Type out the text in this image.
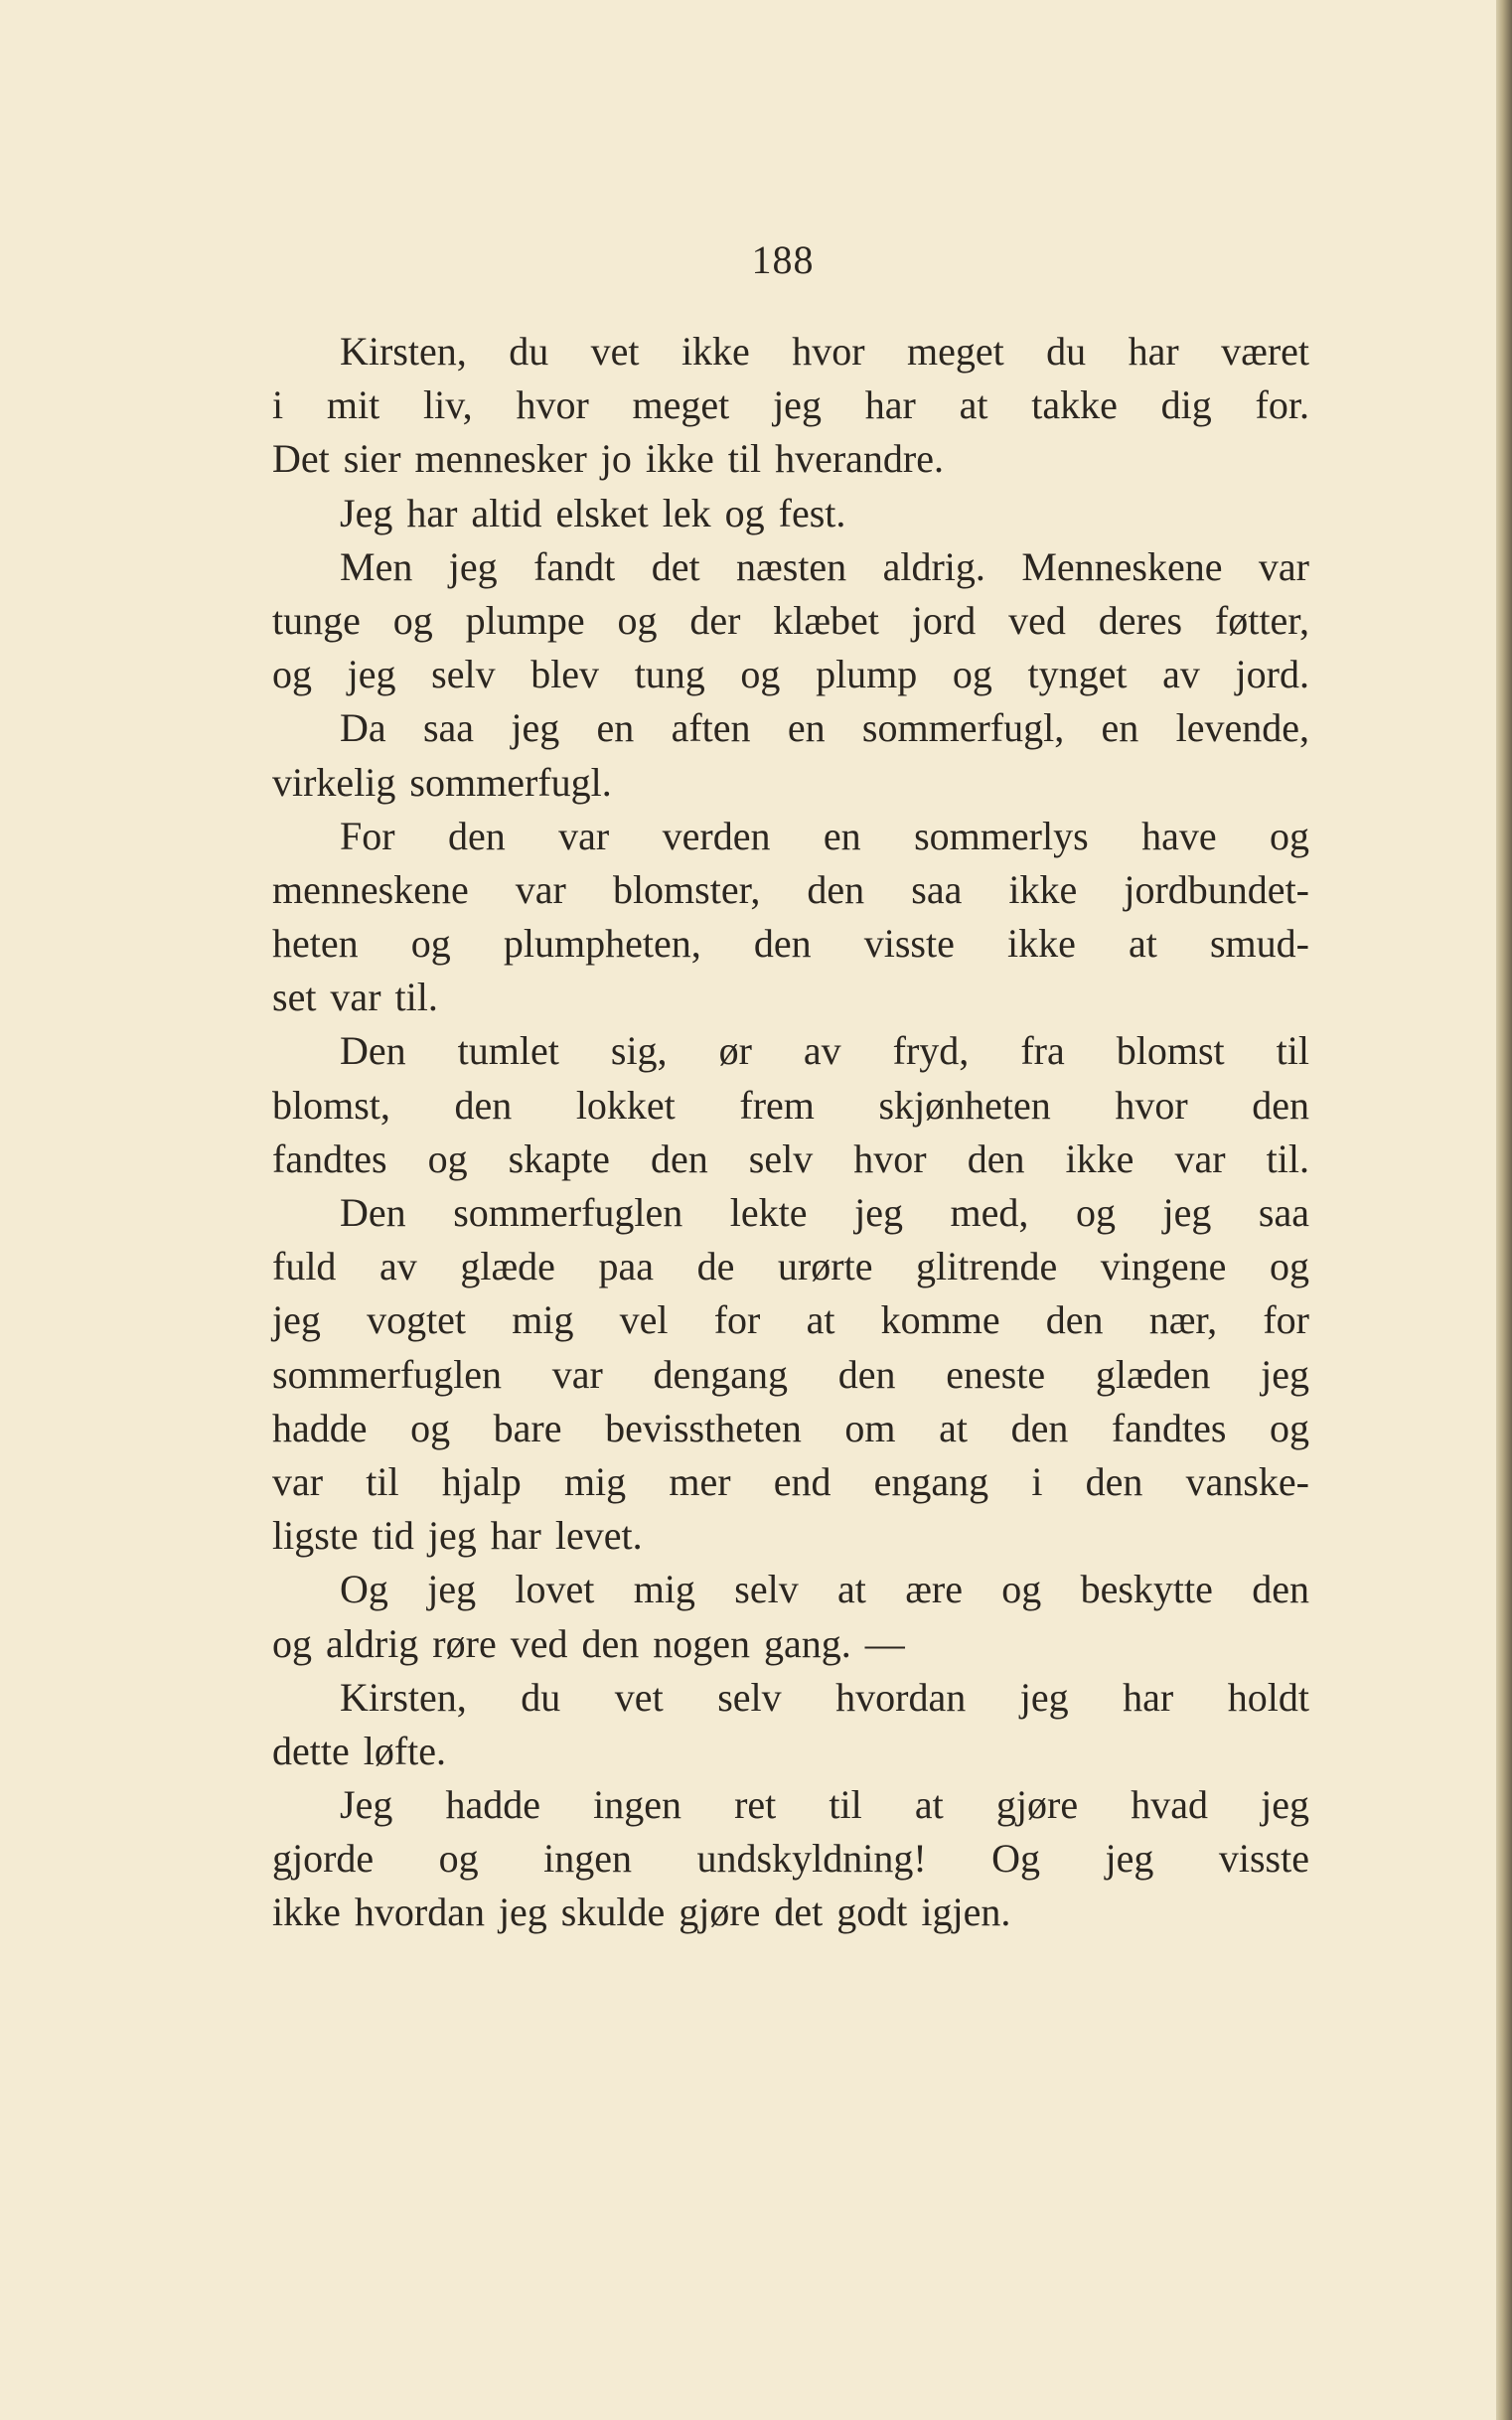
188
Kirsten, du vet ikke hvor meget du har været
i mit liv, hvor meget jeg har at takke dig for.
Det sier mennesker jo ikke til hverandre.
Jeg har altid elsket lek og fest.
Men jeg fandt det næsten aldrig. Menneskene var
tunge og plumpe og der klæbet jord ved deres føtter,
og jeg selv blev tung og plump og tynget av jord.
Da saa jeg en aften en sommerfugl, en levende,
virkelig sommerfugl.
For den var verden en sommerlys have og
menneskene var blomster, den saa ikke jordbundet-
heten og plumpheten, den visste ikke at smud-
set var til.
Den tumlet sig, ør av fryd, fra blomst til
blomst, den lokket frem skjønheten hvor den
fandtes og skapte den selv hvor den ikke var til.
Den sommerfuglen lekte jeg med, og jeg saa
fuld av glæde paa de urørte glitrende vingene og
jeg vogtet mig vel for at komme den nær, for
sommerfuglen var dengang den eneste glæden jeg
hadde og bare bevisstheten om at den fandtes og
var til hjalp mig mer end engang i den vanske-
ligste tid jeg har levet.
Og jeg lovet mig selv at ære og beskytte den
og aldrig røre ved den nogen gang. —
Kirsten, du vet selv hvordan jeg har holdt
dette løfte.
Jeg hadde ingen ret til at gjøre hvad jeg
gjorde og ingen undskyldning! Og jeg visste
ikke hvordan jeg skulde gjøre det godt igjen.
